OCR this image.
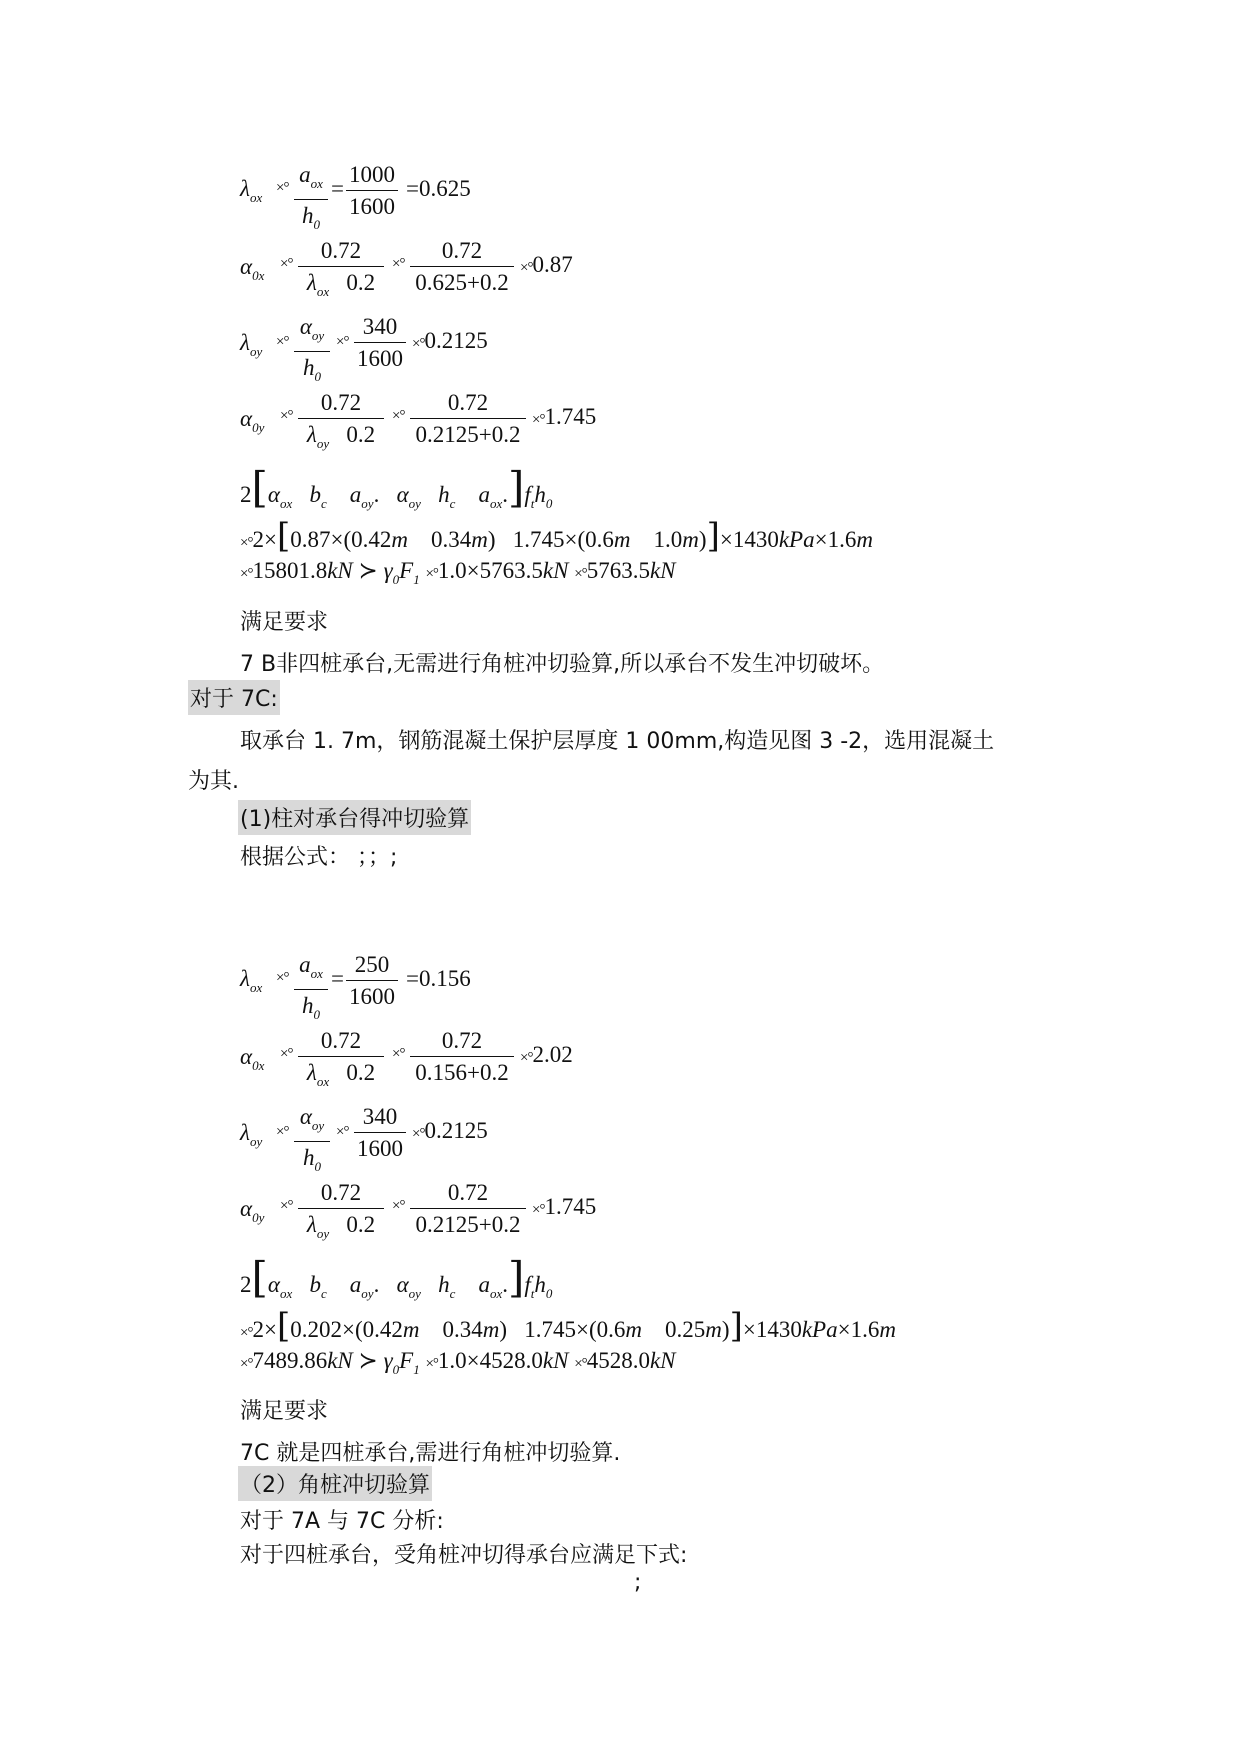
$\lambda_{ox}$
×°
$a_{ox}$
$h_0$
=
1000
1600
=0.625
$\alpha_{0x}$
×°
0.72
$\lambda_{ox}$   0.2
×°
0.72
0.625+0.2
×°0.87
$\lambda_{oy}$
×°
$\alpha_{oy}$
$h_0$
×°
340
1600
×°0.2125
$\alpha_{0y}$
×°
0.72
$\lambda_{oy}$   0.2
×°
0.72
0.2125+0.2
×°1.745
$2[\alpha_{ox}$   $b_c$    $a_{oy}$.   $\alpha_{oy}$   $h_c$    $a_{ox}.]f_th_0$
×°2×[0.87×(0.42m    0.34m)   1.745×(0.6m    1.0m)]×1430kPa×1.6m
×°15801.8kN ≻ $\gamma_0F_1 \times^\circ 1.0\times 5763.5kN \times^\circ 5763.5kN$
满足要求
7 B非四桩承台,无需进行角桩冲切验算,所以承台不发生冲切破坏。
对于 7C:
取承台 1. 7m，钢筋混凝土保护层厚度 1 00mm,构造见图 3 -2，选用混凝土
为其.
(1)柱对承台得冲切验算
根据公式： ；；;
$\lambda_{ox}$
×°
$a_{ox}$
$h_0$
=
250
1600
=0.156
$\alpha_{0x}$
×°
0.72
$\lambda_{ox}$   0.2
×°
0.72
0.156+0.2
×°2.02
$\lambda_{oy}$
×°
$\alpha_{oy}$
$h_0$
×°
340
1600
×°0.2125
$\alpha_{0y}$
×°
0.72
$\lambda_{oy}$   0.2
×°
0.72
0.2125+0.2
×°1.745
$2[\alpha_{ox}$   $b_c$    $a_{oy}$.   $\alpha_{oy}$   $h_c$    $a_{ox}.]f_th_0$
×°2×[0.202×(0.42m    0.34m)   1.745×(0.6m    0.25m)]×1430kPa×1.6m
×°7489.86kN ≻ $\gamma_0F_1 \times^\circ 1.0\times 4528.0kN \times^\circ 4528.0kN$
满足要求
7C 就是四桩承台,需进行角桩冲切验算.
（2）角桩冲切验算
对于 7A 与 7C 分析:
对于四桩承台，受角桩冲切得承台应满足下式:
;
